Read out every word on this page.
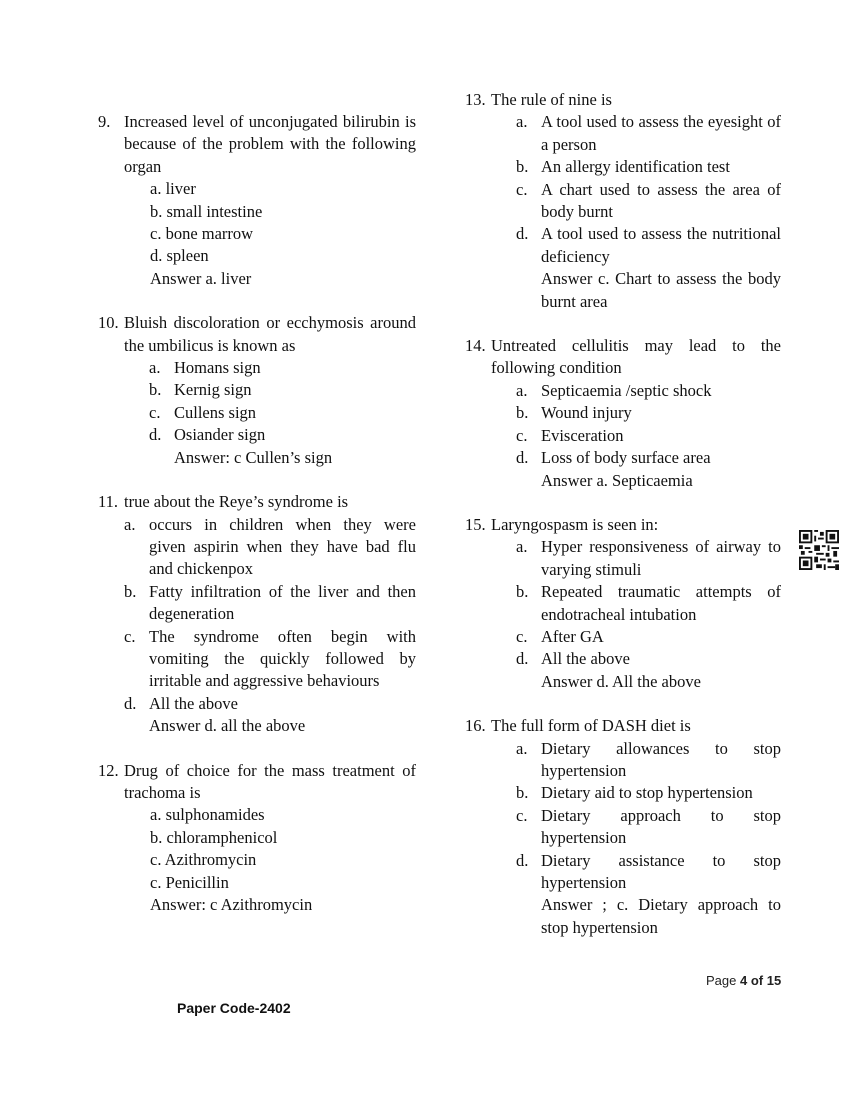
9. Increased level of unconjugated bilirubin is because of the problem with the following organ
a. liver
b. small intestine
c. bone marrow
d. spleen
Answer a. liver
10. Bluish discoloration or ecchymosis around the umbilicus is known as
a. Homans sign
b. Kernig sign
c. Cullens sign
d. Osiander sign
Answer: c Cullen’s sign
11. true about the Reye’s syndrome is
a. occurs in children when they were given aspirin when they have bad flu and chickenpox
b. Fatty infiltration of the liver and then degeneration
c. The syndrome often begin with vomiting the quickly followed by irritable and aggressive behaviours
d. All the above
Answer d. all the above
12. Drug of choice for the mass treatment of trachoma is
a. sulphonamides
b. chloramphenicol
c. Azithromycin
c. Penicillin
Answer: c Azithromycin
13. The rule of nine is
a. A tool used to assess the eyesight of a person
b. An allergy identification test
c. A chart used to assess the area of body burnt
d. A tool used to assess the nutritional deficiency
Answer c. Chart to assess the body burnt area
14. Untreated cellulitis may lead to the following condition
a. Septicaemia /septic shock
b. Wound injury
c. Evisceration
d. Loss of body surface area
Answer a. Septicaemia
15. Laryngospasm is seen in:
a. Hyper responsiveness of airway to varying stimuli
b. Repeated traumatic attempts of endotracheal intubation
c. After GA
d. All the above
Answer d. All the above
16. The full form of DASH diet is
a. Dietary allowances to stop hypertension
b. Dietary aid to stop hypertension
c. Dietary approach to stop hypertension
d. Dietary assistance to stop hypertension
Answer ; c. Dietary approach to stop hypertension
Page 4 of 15
Paper Code-2402
